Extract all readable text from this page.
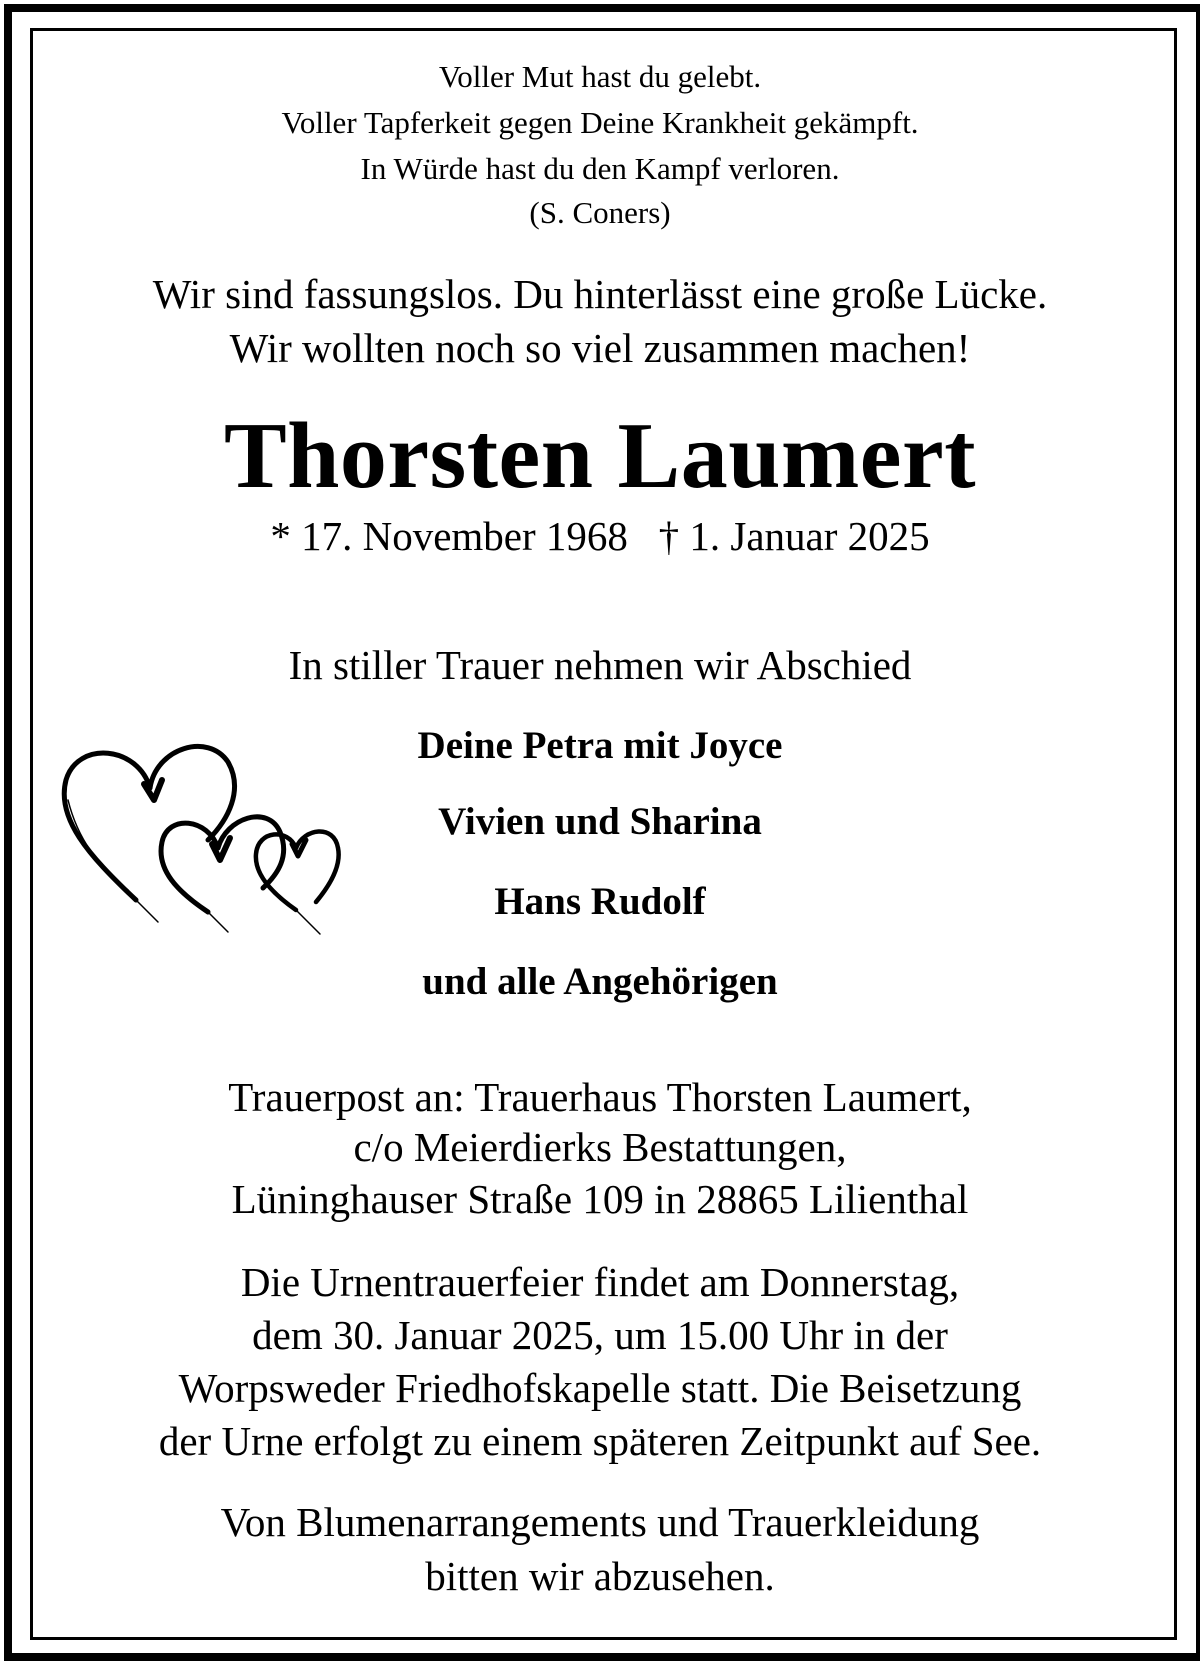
Voller Mut hast du gelebt.
Voller Tapferkeit gegen Deine Krankheit gekämpft.
In Würde hast du den Kampf verloren.
(S. Coners)
Wir sind fassungslos. Du hinterlässt eine große Lücke.
Wir wollten noch so viel zusammen machen!
Thorsten Laumert
* 17. November 1968   † 1. Januar 2025
In stiller Trauer nehmen wir Abschied
Deine Petra mit Joyce
Vivien und Sharina
Hans Rudolf
und alle Angehörigen
Trauerpost an: Trauerhaus Thorsten Laumert,
c/o Meierdierks Bestattungen,
Lüninghauser Straße 109 in 28865 Lilienthal
Die Urnentrauerfeier findet am Donnerstag,
dem 30. Januar 2025, um 15.00 Uhr in der
Worpsweder Friedhofskapelle statt. Die Beisetzung
der Urne erfolgt zu einem späteren Zeitpunkt auf See.
Von Blumenarrangements und Trauerkleidung
bitten wir abzusehen.
